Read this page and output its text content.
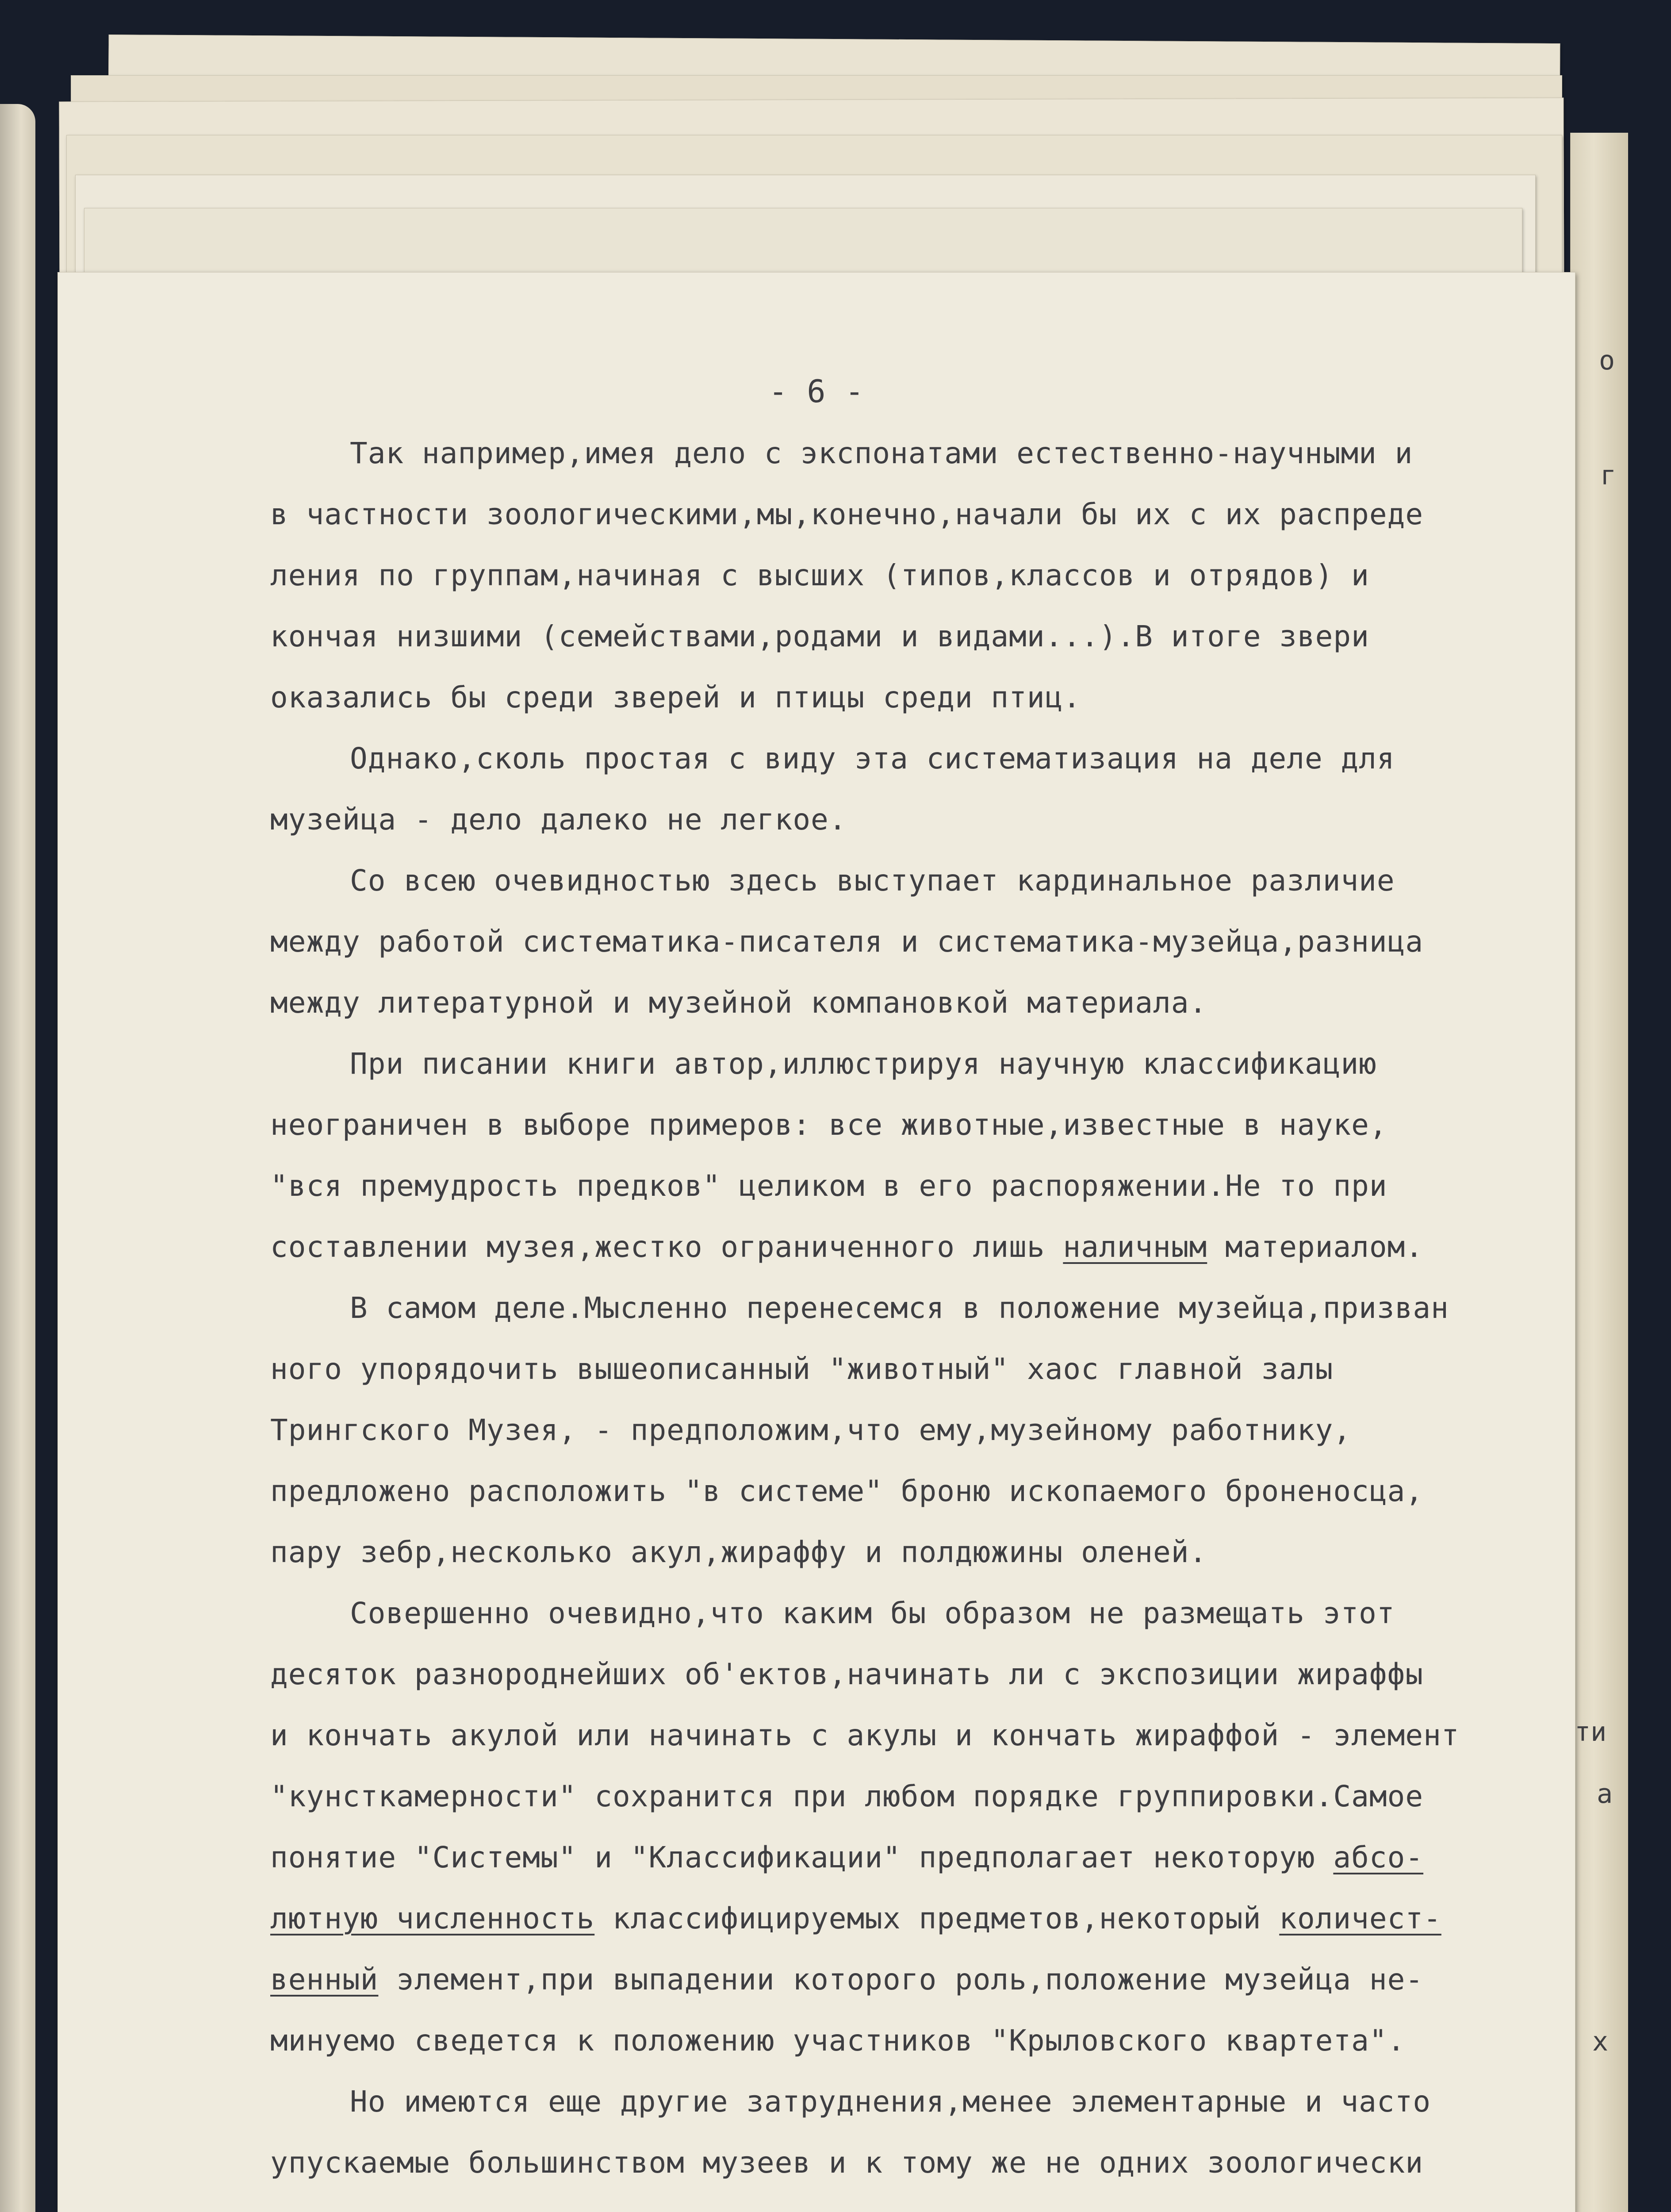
о
г
- 6 -
Так например,имея дело с экспонатами естественно-научными и
в частности зоологическими,мы,конечно,начали бы их с их распреде
ления по группам,начиная с высших (типов,классов и отрядов) и
кончая низшими (семействами,родами и видами...).В итоге звери
оказались бы среди зверей и птицы среди птиц.
Однако,сколь простая с виду эта систематизация на деле для
музейца - дело далеко не легкое.
Со всею очевидностью здесь выступает кардинальное различие
между работой систематика-писателя и систематика-музейца,разница
между литературной и музейной компановкой материала.
При писании книги автор,иллюстрируя научную классификацию
неограничен в выборе примеров: все животные,известные в науке,
"вся премудрость предков" целиком в его распоряжении.Не то при
составлении музея,жестко ограниченного лишь наличным материалом.
В самом деле.Мысленно перенесемся в положение музейца,призван
ного упорядочить вышеописанный "животный" хаос главной залы
Трингского Музея, - предположим,что ему,музейному работнику,
предложено расположить "в системе" броню ископаемого броненосца,
пару зебр,несколько акул,жираффу и полдюжины оленей.
Совершенно очевидно,что каким бы образом не размещать этот
десяток разнороднейших об'ектов,начинать ли с экспозиции жираффы
и кончать акулой или начинать с акулы и кончать жираффой - элемент
"кунсткамерности" сохранится при любом порядке группировки.Самое
понятие "Системы" и "Классификации" предполагает некоторую абсо-
лютную численность классифицируемых предметов,некоторый количест-
венный элемент,при выпадении которого роль,положение музейца не-
минуемо сведется к положению участников "Крыловского квартета".
Но имеются еще другие затруднения,менее элементарные и часто
упускаемые большинством музеев и к тому же не одних зоологически
ти
а
х
